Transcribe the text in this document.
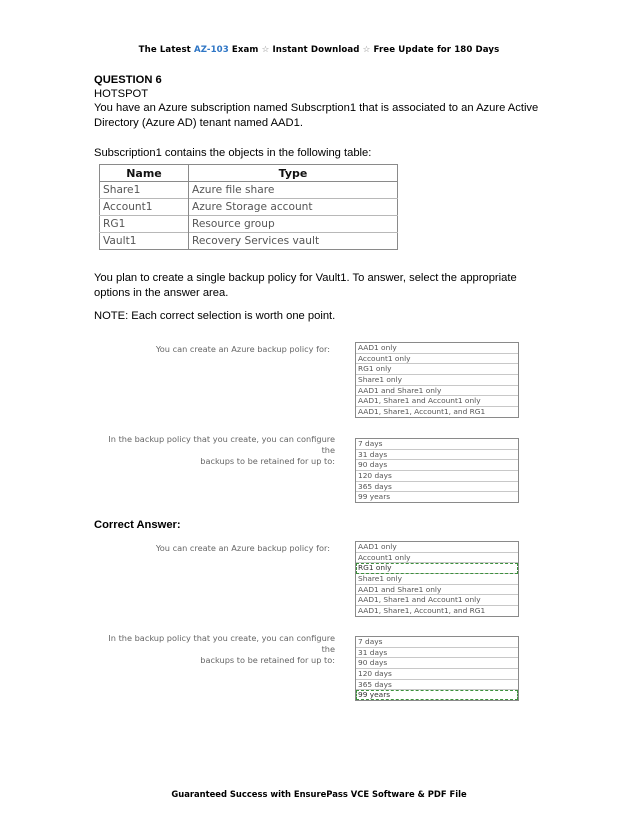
The Latest AZ-103 Exam ☆ Instant Download ☆ Free Update for 180 Days
QUESTION 6
HOTSPOT
You have an Azure subscription named Subscrption1 that is associated to an Azure Active Directory (Azure AD) tenant named AAD1.
Subscription1 contains the objects in the following table:
Name	Type
Share1	Azure file share
Account1	Azure Storage account
RG1	Resource group
Vault1	Recovery Services vault
You plan to create a single backup policy for Vault1. To answer, select the appropriate options in the answer area.
NOTE: Each correct selection is worth one point.
You can create an Azure backup policy for:	AAD1 only
Account1 only
RG1 only
Share1 only
AAD1 and Share1 only
AAD1, Share1 and Account1 only
AAD1, Share1, Account1, and RG1
In the backup policy that you create, you can configure the
backups to be retained for up to:
7 days
31 days
90 days
120 days
365 days
99 years
Correct Answer:
You can create an Azure backup policy for:	AAD1 only
Account1 only
RG1 only
Share1 only
AAD1 and Share1 only
AAD1, Share1 and Account1 only
AAD1, Share1, Account1, and RG1
In the backup policy that you create, you can configure the
backups to be retained for up to:
7 days
31 days
90 days
120 days
365 days
99 years
Guaranteed Success with EnsurePass VCE Software & PDF File
